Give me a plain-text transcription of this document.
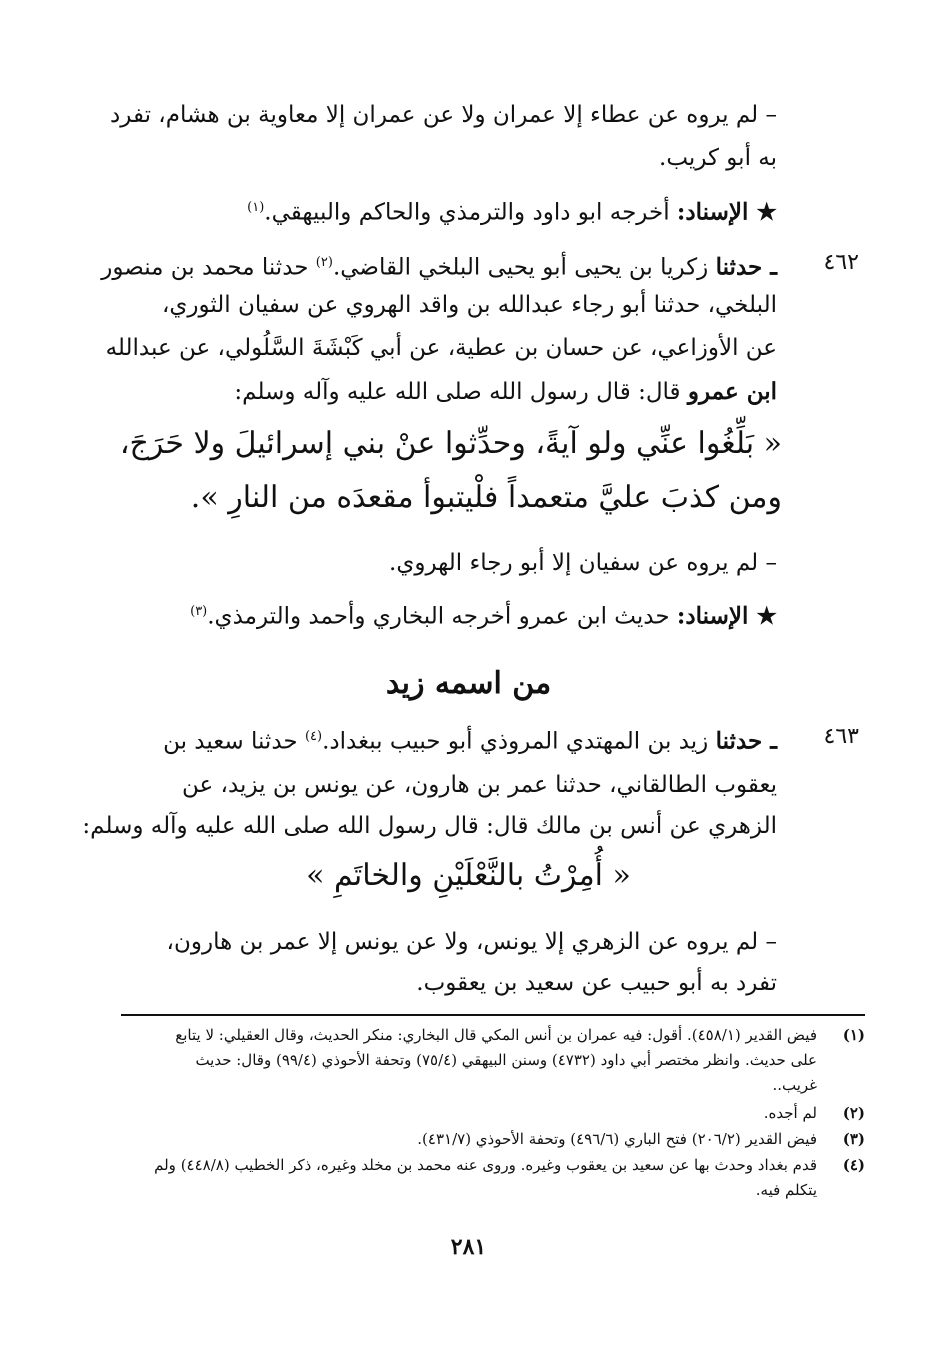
– لم يروه عن عطاء إلا عمران ولا عن عمران إلا معاوية بن هشام، تفرد
به أبو كريب.
★ الإسناد: أخرجه ابو داود والترمذي والحاكم والبيهقي.$^{(١)}$
٤٦٢
ـ حدثنا زكريا بن يحيى أبو يحيى البلخي القاضي.$^{(٢)}$ حدثنا محمد بن منصور
البلخي، حدثنا أبو رجاء عبدالله بن واقد الهروي عن سفيان الثوري،
عن الأوزاعي، عن حسان بن عطية، عن أبي كَبْشَةَ السَّلُولي، عن عبدالله
ابن عمرو قال: قال رسول الله صلى الله عليه وآله وسلم:
« بَلِّغُوا عنِّي ولو آيةً، وحدِّثوا عنْ بني إسرائيلَ ولا حَرَجَ،
ومن كذبَ عليَّ متعمداً فلْيتبوأ مقعدَه من النارِ ».
– لم يروه عن سفيان إلا أبو رجاء الهروي.
★ الإسناد: حديث ابن عمرو أخرجه البخاري وأحمد والترمذي.$^{(٣)}$
من اسمه زيد
٤٦٣
ـ حدثنا زيد بن المهتدي المروذي أبو حبيب ببغداد.$^{(٤)}$ حدثنا سعيد بن
يعقوب الطالقاني، حدثنا عمر بن هارون، عن يونس بن يزيد، عن
الزهري عن أنس بن مالك قال: قال رسول الله صلى الله عليه وآله وسلم:
« أُمِرْتُ بالنَّعْلَيْنِ والخاتَمِ »
– لم يروه عن الزهري إلا يونس، ولا عن يونس إلا عمر بن هارون،
تفرد به أبو حبيب عن سعيد بن يعقوب.
(١)
فيض القدير (٤٥٨/١). أقول: فيه عمران بن أنس المكي قال البخاري: منكر الحديث، وقال العقيلي: لا يتابع
على حديث. وانظر مختصر أبي داود (٤٧٣٢) وسنن البيهقي (٧٥/٤) وتحفة الأحوذي (٩٩/٤) وقال: حديث
غريب..
(٢)
لم أجده.
(٣)
فيض القدير (٢٠٦/٢) فتح الباري (٤٩٦/٦) وتحفة الأحوذي (٤٣١/٧).
(٤)
قدم بغداد وحدث بها عن سعيد بن يعقوب وغيره. وروى عنه محمد بن مخلد وغيره، ذكر الخطيب (٤٤٨/٨) ولم
يتكلم فيه.
٢٨١
